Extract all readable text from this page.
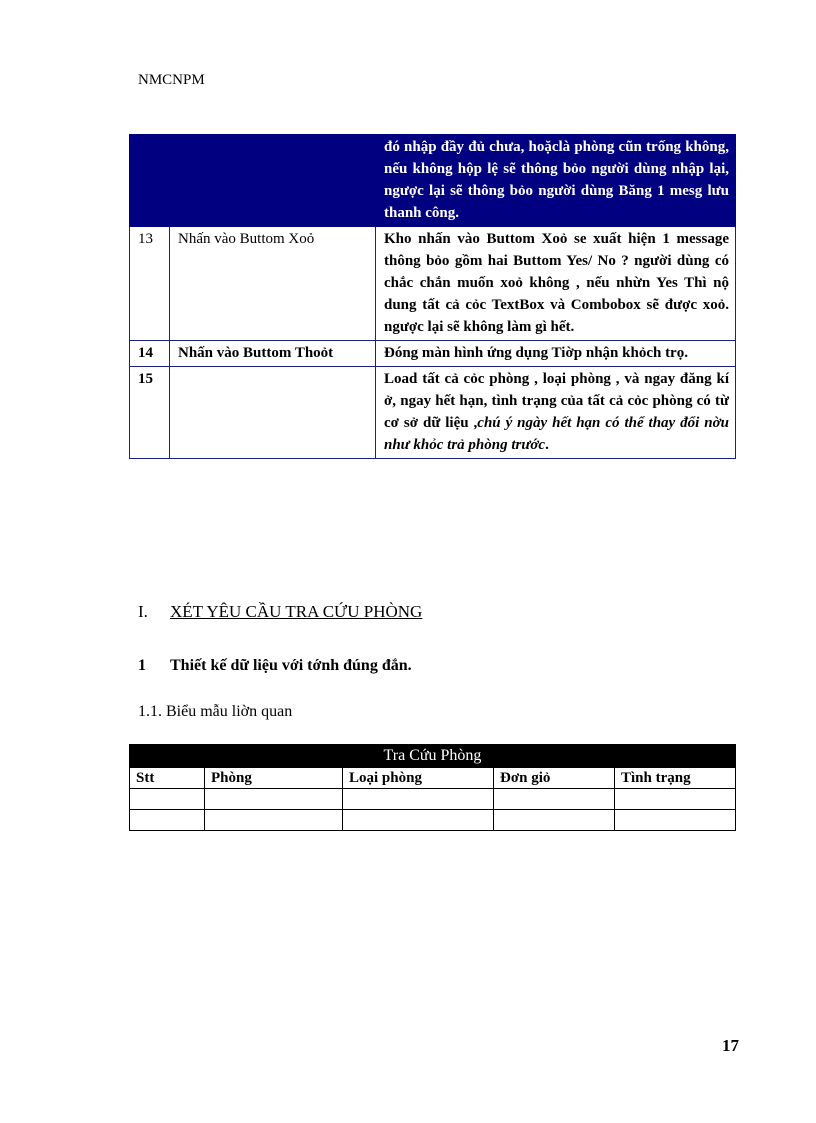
NMCNPM
		đó nhập đầy đủ chưa, hoặclà phòng cũn trống không, nếu không hộp lệ sẽ thông bỏo người dùng nhập lại, ngược lại sẽ thông bỏo người dùng Băng 1 mesg lưu thanh công.
13	Nhấn vào Buttom Xoỏ	Kho nhấn vào Buttom Xoỏ se xuất hiện 1 message thông bỏo gồm hai Buttom Yes/ No ? người dùng có chắc chắn muốn xoỏ không , nếu nhừn Yes Thì nộ dung tất cả cỏc TextBox và Combobox sẽ được xoỏ. ngược lại sẽ không làm gì hết.
14	Nhấn vào Buttom Thoỏt	Đóng màn hình ứng dụng Tiờp nhận khỏch trọ.
15		Load tất cả cỏc phòng , loại phòng , và ngay đăng kí ở, ngay hết hạn, tình trạng của tất cả cỏc phòng có từ cơ sở dữ liệu ,chú ý ngày hết hạn có thể thay đổi nờu như khỏc trả phòng trước.
I. XÉT YÊU CẦU TRA CỨU PHÒNG
1 Thiết kế dữ liệu với tớnh đúng đắn.
1.1. Biểu mẫu liờn quan
Tra Cứu Phòng				
Stt	Phòng	Loại phòng	Đơn giỏ	Tình trạng

17
